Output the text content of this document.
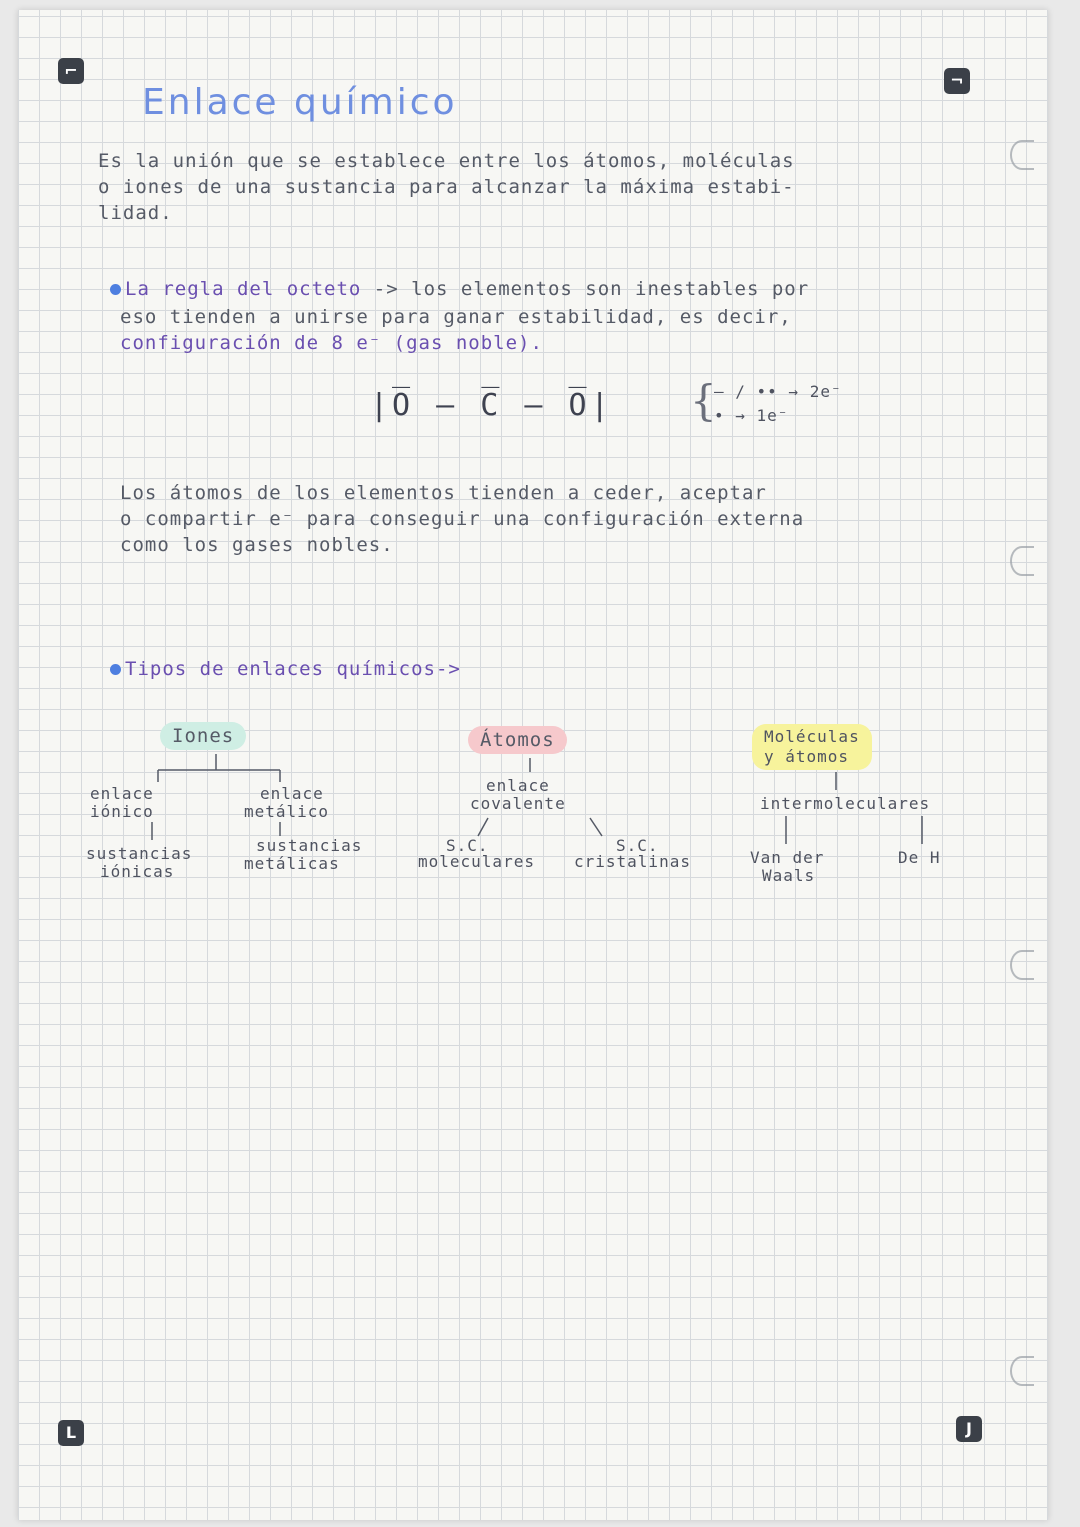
⌐
¬
L	J
Enlace químico
Es la unión que se establece entre los átomos, moléculas
o iones de una sustancia para alcanzar la máxima estabi-
lidad.
La regla del octeto -> los elementos son inestables por
eso tienden a unirse para ganar estabilidad, es decir,
configuración de 8 e⁻ (gas noble).
|O̅ — C̅ — O̅| {
— / •• → 2e⁻
• → 1e⁻
Los átomos de los elementos tienden a ceder, aceptar
o compartir e⁻ para conseguir una configuración externa
como los gases nobles.
Tipos de enlaces químicos->
Iones
enlace
iónico
sustancias
iónicas
enlace
metálico
sustancias
metálicas
Átomos
enlace
covalente
S.C.
moleculares
S.C.
cristalinas
Moléculas
y átomos
intermoleculares
Van der
Waals
De H
